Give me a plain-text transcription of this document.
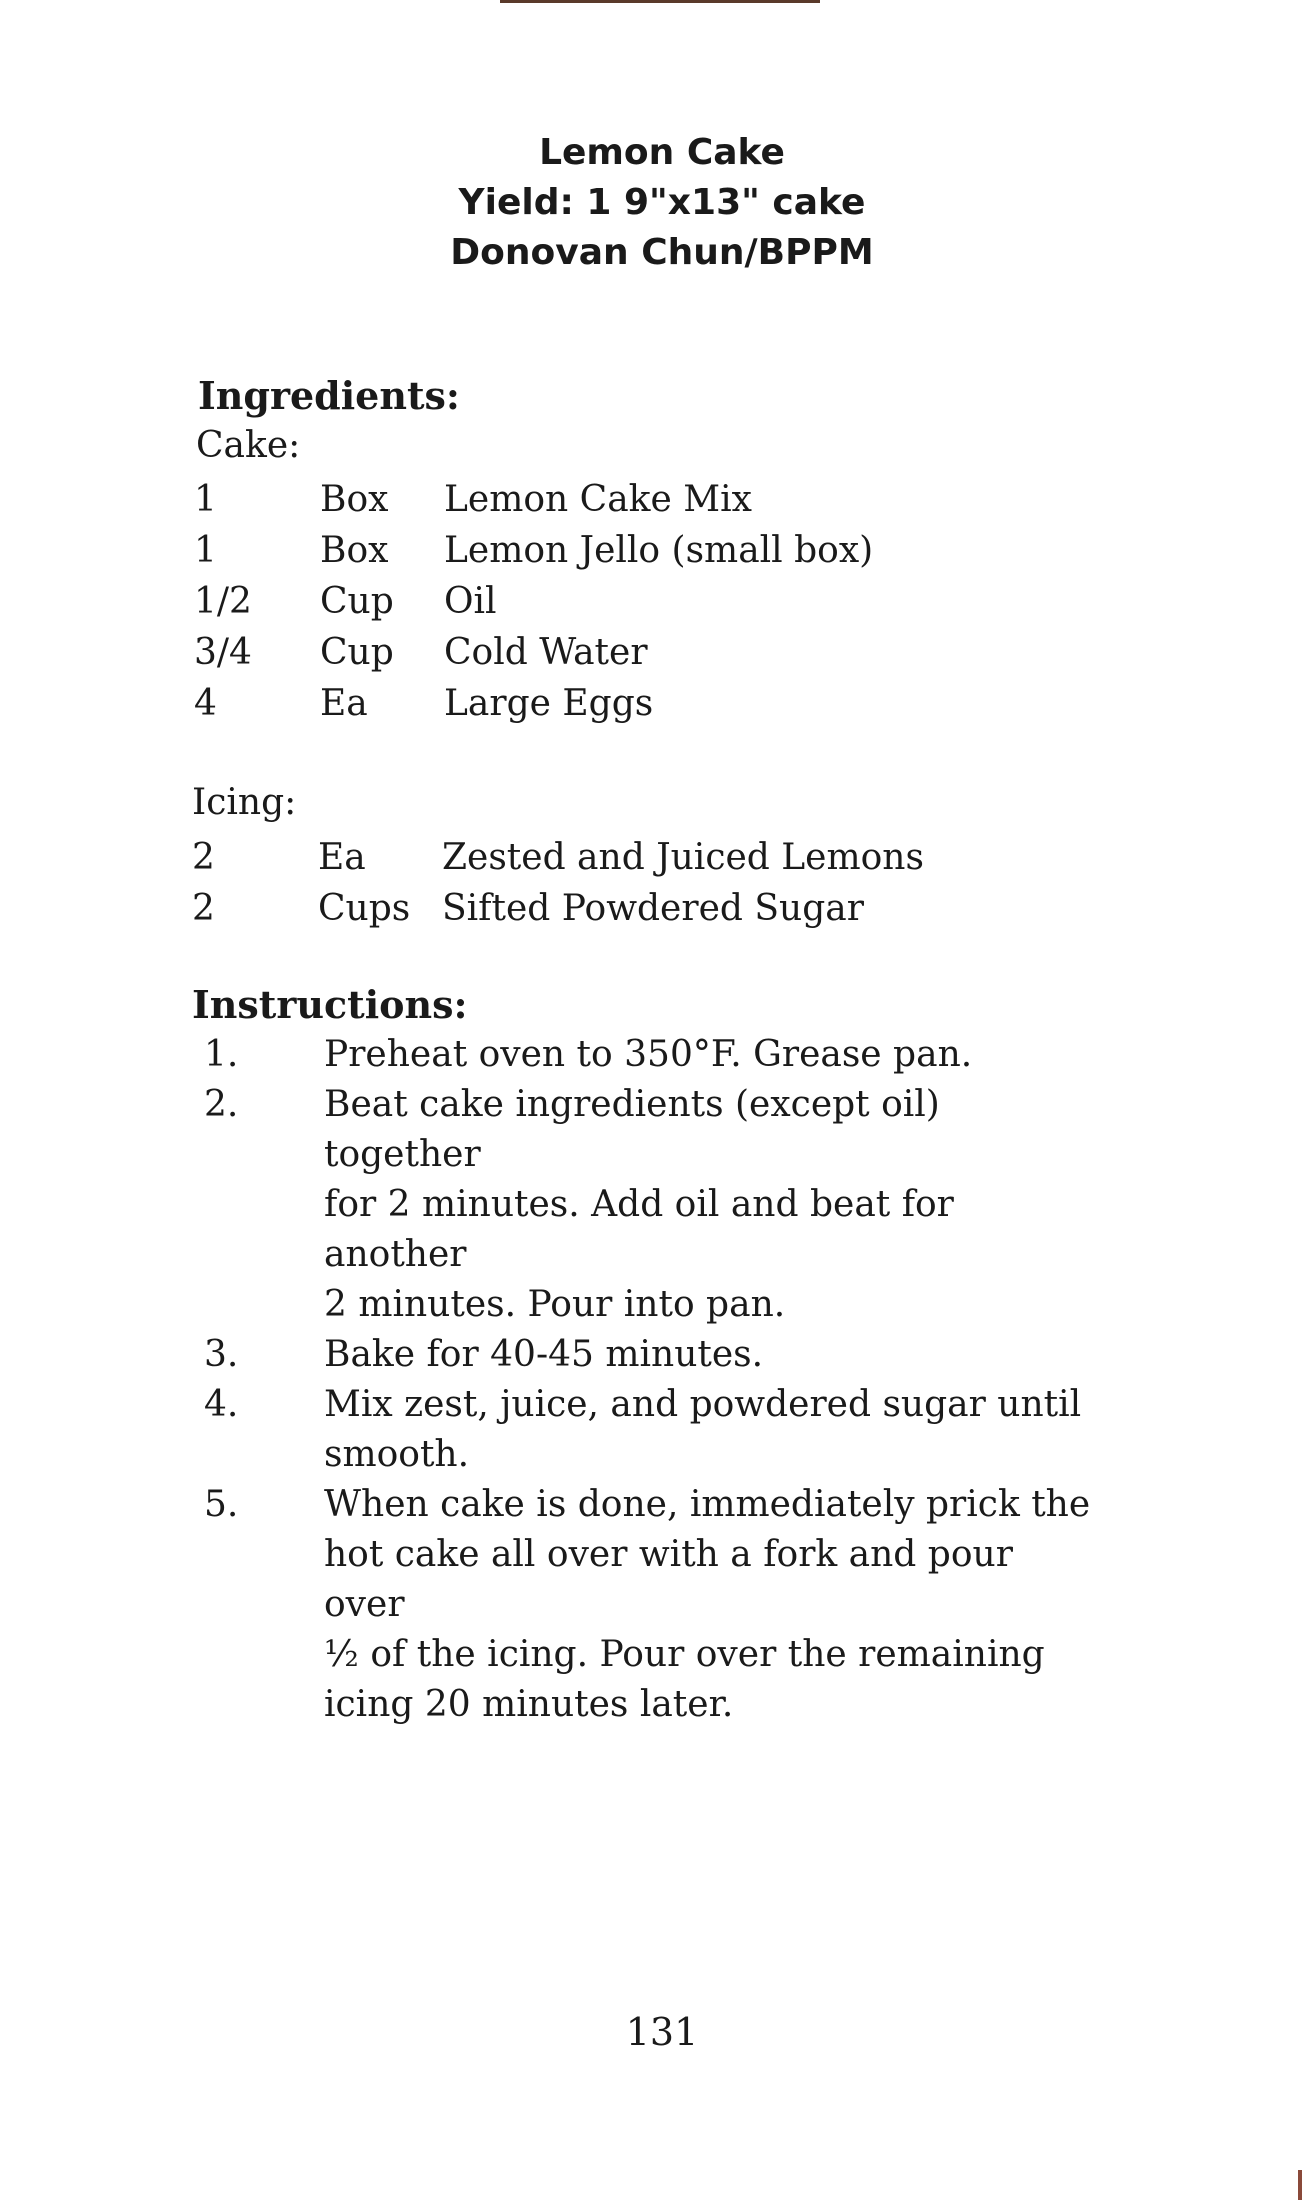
Lemon Cake
Yield: 1 9"x13" cake
Donovan Chun/BPPM
Ingredients:
Cake:
1	Box	Lemon Cake Mix
1	Box	Lemon Jello (small box)
1/2	Cup	Oil
3/4	Cup	Cold Water
4	Ea	Large Eggs
Icing:
2	Ea	Zested and Juiced Lemons
2	Cups Sifted Powdered Sugar
Instructions:
1.	Preheat oven to 350°F. Grease pan.
2.	Beat cake ingredients (except oil) together
for 2 minutes. Add oil and beat for another
2 minutes. Pour into pan.
3.	Bake for 40-45 minutes.
4.	Mix zest, juice, and powdered sugar until
smooth.
5.	When cake is done, immediately prick the
hot cake all over with a fork and pour over
½ of the icing. Pour over the remaining
icing 20 minutes later.
131
